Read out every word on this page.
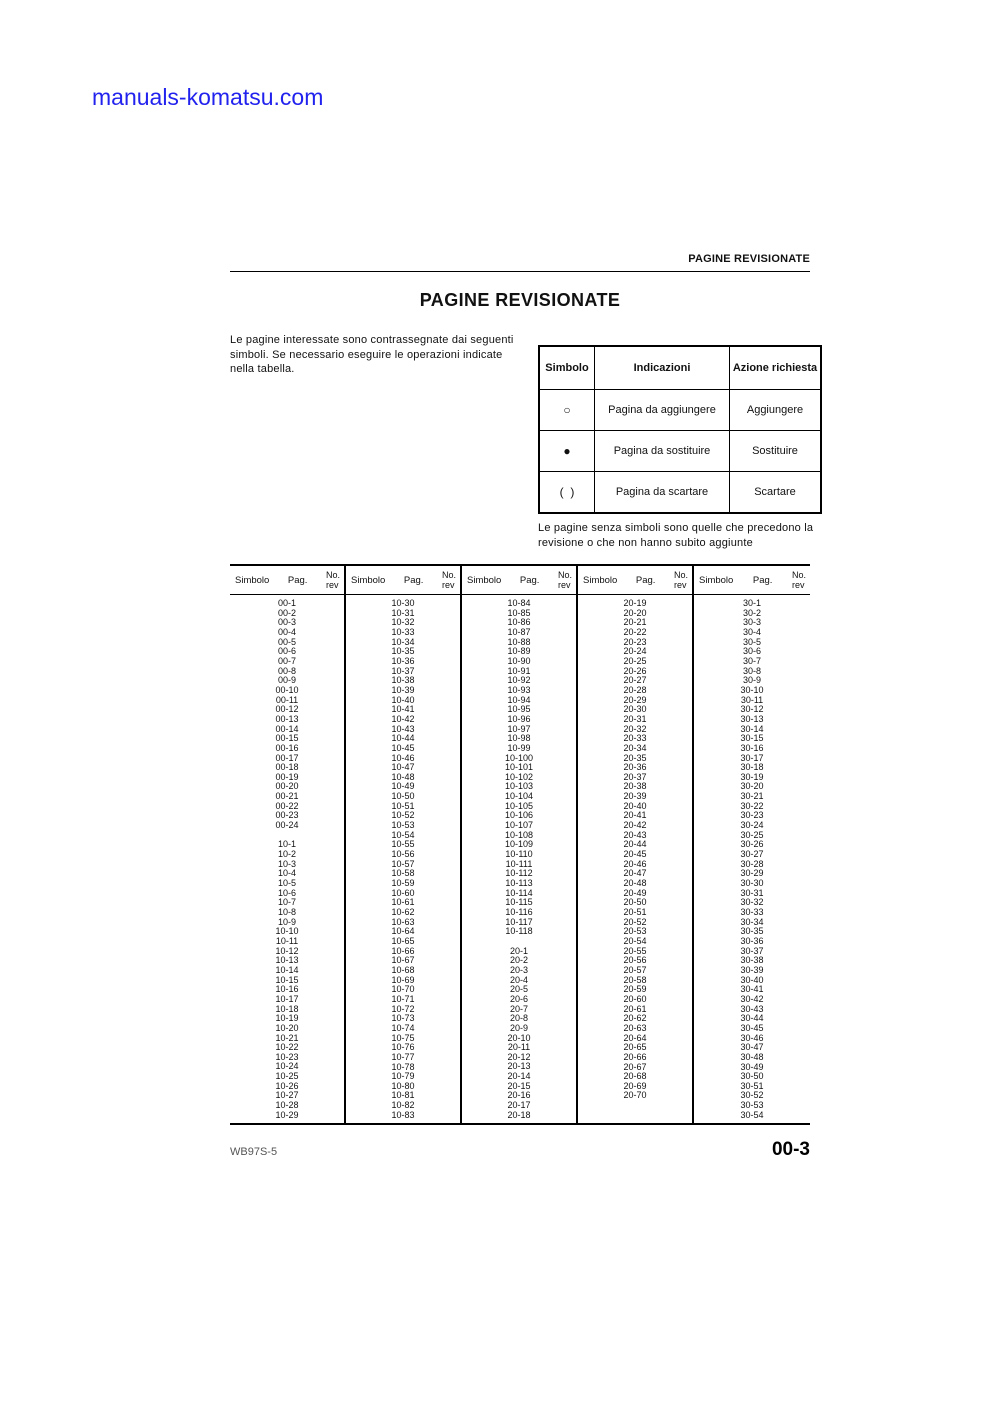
manuals-komatsu.com
PAGINE REVISIONATE
PAGINE REVISIONATE

Le pagine interessate sono contrassegnate dai seguenti simboli. Se necessario eseguire le operazioni indicate nella tabella.	Simbolo	Indicazioni	Azione richiesta
○	Pagina da aggiungere	Aggiungere
●	Pagina da sostituire	Sostituire
(  )	Pagina da scartare	Scartare

Le pagine senza simboli sono quelle che precedono la revisione o che non hanno subito aggiunte

Simbolo Pag. No.
rev
00-1
00-2
00-3
00-4
00-5
00-6
00-7
00-8
00-9
00-10
00-11
00-12
00-13
00-14
00-15
00-16
00-17
00-18
00-19
00-20
00-21
00-22
00-23
00-24
10-1
10-2
10-3
10-4
10-5
10-6
10-7
10-8
10-9
10-10
10-11
10-12
10-13
10-14
10-15
10-16
10-17
10-18
10-19
10-20
10-21
10-22
10-23
10-24
10-25
10-26
10-27
10-28
10-29
Simbolo Pag. No.
rev
10-30
10-31
10-32
10-33
10-34
10-35
10-36
10-37
10-38
10-39
10-40
10-41
10-42
10-43
10-44
10-45
10-46
10-47
10-48
10-49
10-50
10-51
10-52
10-53
10-54
10-55
10-56
10-57
10-58
10-59
10-60
10-61
10-62
10-63
10-64
10-65
10-66
10-67
10-68
10-69
10-70
10-71
10-72
10-73
10-74
10-75
10-76
10-77
10-78
10-79
10-80
10-81
10-82
10-83
Simbolo Pag. No.
rev
10-84
10-85
10-86
10-87
10-88
10-89
10-90
10-91
10-92
10-93
10-94
10-95
10-96
10-97
10-98
10-99
10-100
10-101
10-102
10-103
10-104
10-105
10-106
10-107
10-108
10-109
10-110
10-111
10-112
10-113
10-114
10-115
10-116
10-117
10-118
20-1
20-2
20-3
20-4
20-5
20-6
20-7
20-8
20-9
20-10
20-11
20-12
20-13
20-14
20-15
20-16
20-17
20-18
Simbolo Pag. No.
rev
20-19
20-20
20-21
20-22
20-23
20-24
20-25
20-26
20-27
20-28
20-29
20-30
20-31
20-32
20-33
20-34
20-35
20-36
20-37
20-38
20-39
20-40
20-41
20-42
20-43
20-44
20-45
20-46
20-47
20-48
20-49
20-50
20-51
20-52
20-53
20-54
20-55
20-56
20-57
20-58
20-59
20-60
20-61
20-62
20-63
20-64
20-65
20-66
20-67
20-68
20-69
20-70
Simbolo Pag. No.
rev
30-1
30-2
30-3
30-4
30-5
30-6
30-7
30-8
30-9
30-10
30-11
30-12
30-13
30-14
30-15
30-16
30-17
30-18
30-19
30-20
30-21
30-22
30-23
30-24
30-25
30-26
30-27
30-28
30-29
30-30
30-31
30-32
30-33
30-34
30-35
30-36
30-37
30-38
30-39
30-40
30-41
30-42
30-43
30-44
30-45
30-46
30-47
30-48
30-49
30-50
30-51
30-52
30-53
30-54
WB97S-5	00-3
